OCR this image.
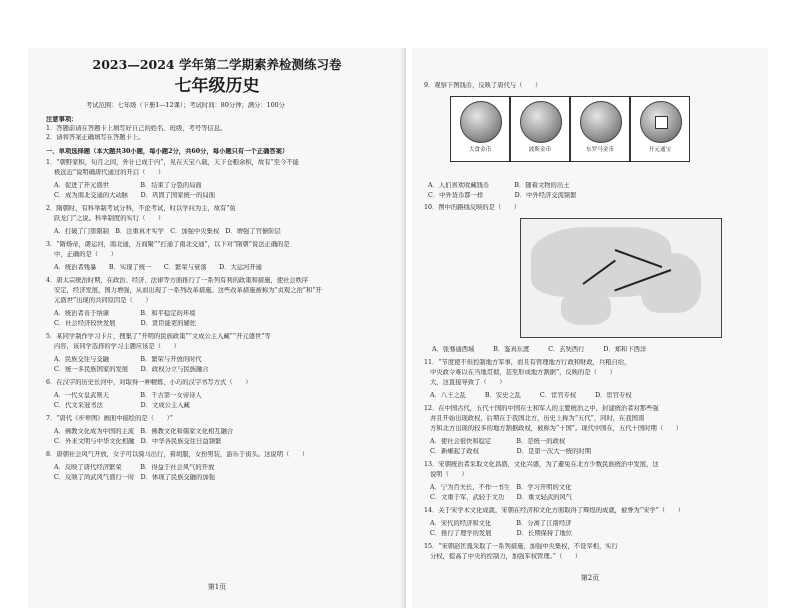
2023—2024 学年第二学期素养检测练习卷
七年级历史
考试范围：七年级（下册1—12课）；考试时间：80分钟；满分：100分
注意事项：
1．答题前请在答题卡上填写好自己的姓名、班级、考号等信息。
2．请将答案正确填写在答题卡上。
一、单项选择题（本大题共30小题，每小题2分，共60分，每小题只有一个正确答案）
1．“朝野家积，旬月之间，外计已成于内”，见在天宝八载，天下仓粮余积，故有“至今不能
极远近”说明确唐代通过的开启（　　）
A．促进了开元盛世　　　　　B．结束了分裂的局面
C．成为南北交通的大动脉　　D．巩固了国家统一的局面
2．隋朝时，有科举制考试分科，不论考试，时以学问为主，故有“鱼
跃龙门”之说。科举制度的实行（　　）
A．打破了门第限制　B．注重真才实学　C．加强中央集权　D．增强了官僚阶层
3．“隋炀帝，凿运河，南北通，万商聚”“打通了南北交通”，以下对“隋朝”说法正确的是
中，正确的是（　　）
A．统治者残暴　　B．实现了统一　　C．繁荣与衰落　　D．大运河开通
4．唐太宗统治时期，在政治、经济、法律等方面推行了一系列有利的政策和措施，使社会秩序
安定，经济发展，国力增强，从而出现了一系列改革措施。这些改革措施被称为“贞观之治”和“开
元盛世”出现的共同原因是（　　）
A．统治者善于纳谏　　　　　B．和平稳定的环境
C．社会经济较快发展　　　　D．贤臣能吏的辅佐
5．某同学制作学习卡片，搜集了“开明的民族政策”“文成公主入藏”“开元盛世”等
内容，该同学选择的学习主题应该是（　　）
A．民族交往与交融　　　　　B．繁荣与开放的时代
C．统一多民族国家的发展　　D．政权分立与民族融合
6．在汉字的历史长河中，对取得一种精炼、小巧的汉字书写方式（　　）
A．一代女皇武则天　　　　　B．千古第一女帝诗人
C．代文采冠书法　　　　　　D．文成公主入藏
7．“唐代《步辇图》画面中描绘的是（　　）”
A．佛教文化成为中国的主流　B．佛教文化和儒家文化相互融合
C．外来文明与中华文化相融　D．中华各民族交往日益频繁
8．唐朝社会风气开放，女子可以骑马出行，着胡服，女扮男装，游乐于街头。这说明（　　）
A．反映了唐代经济繁荣　　　B．得益于社会风气的开放
C．反映了尚武风气盛行一时　D．体现了民族交融的加强
第1页
9．观察下图钱币，反映了唐代与（　　）
大食金币	波斯金币	东罗马金币	开元通宝
A．人们喜欢收藏钱币　　　　B．随着文物的出土
C．中外货币都一样　　　　　D．中外经济交流频繁
10．图中的路线反映的是（　　）
A．张骞通西域　　　B．鉴真东渡　　　C．玄奘西行　　　D．郑和下西洋
11．“节度使不但控制地方军事，而且有管理地方行政和财政，兵粮自给，
中央政令难以在当地贯彻，甚至形成地方割据”，反映的是（　　）
大，这直接导致了（　　）
A．八王之乱　　　B．安史之乱　　　C．宦官专权　　　D．宦官专权
12．在中国古代，五代十国的中国在士和军人的主要统治之中，封建统治者对那些强
并且开始出现政权，后期在于我国北方，历史上称为“五代”，同时，在我国南
方和北方出现的较多的地方割据政权，被称为“十国”。现代中国在，五代十国时期（　　）
A．使社会很快和稳定　　　　B．是统一的政权
C．新崛起了政权　　　　　　D．是第一次大一统的时期
13．宋朝统治者采取文化昌盛，文化兴盛，为了避免在北方少数民族统治中发展，这
说明（　　）
A．宁为百夫长，不作一书生　B．学习开明的文化
C．文重于军，武轻于文功　　D．重文轻武的风气
14．关于宋学术文化成就，宋朝在经济和文化方面取得了辉煌的成就，被誉为“宋学”（　　）
A．宋代的经济和文化　　　　B．分离了江南经济
C．推行了理学的发展　　　　D．长期保持了地位
15．“宋朝赵匡胤采取了一系列措施，加强中央集权，不设宰相，实行
分权，提高了中央的控制力，加强军权管理。”（　　）
第2页
